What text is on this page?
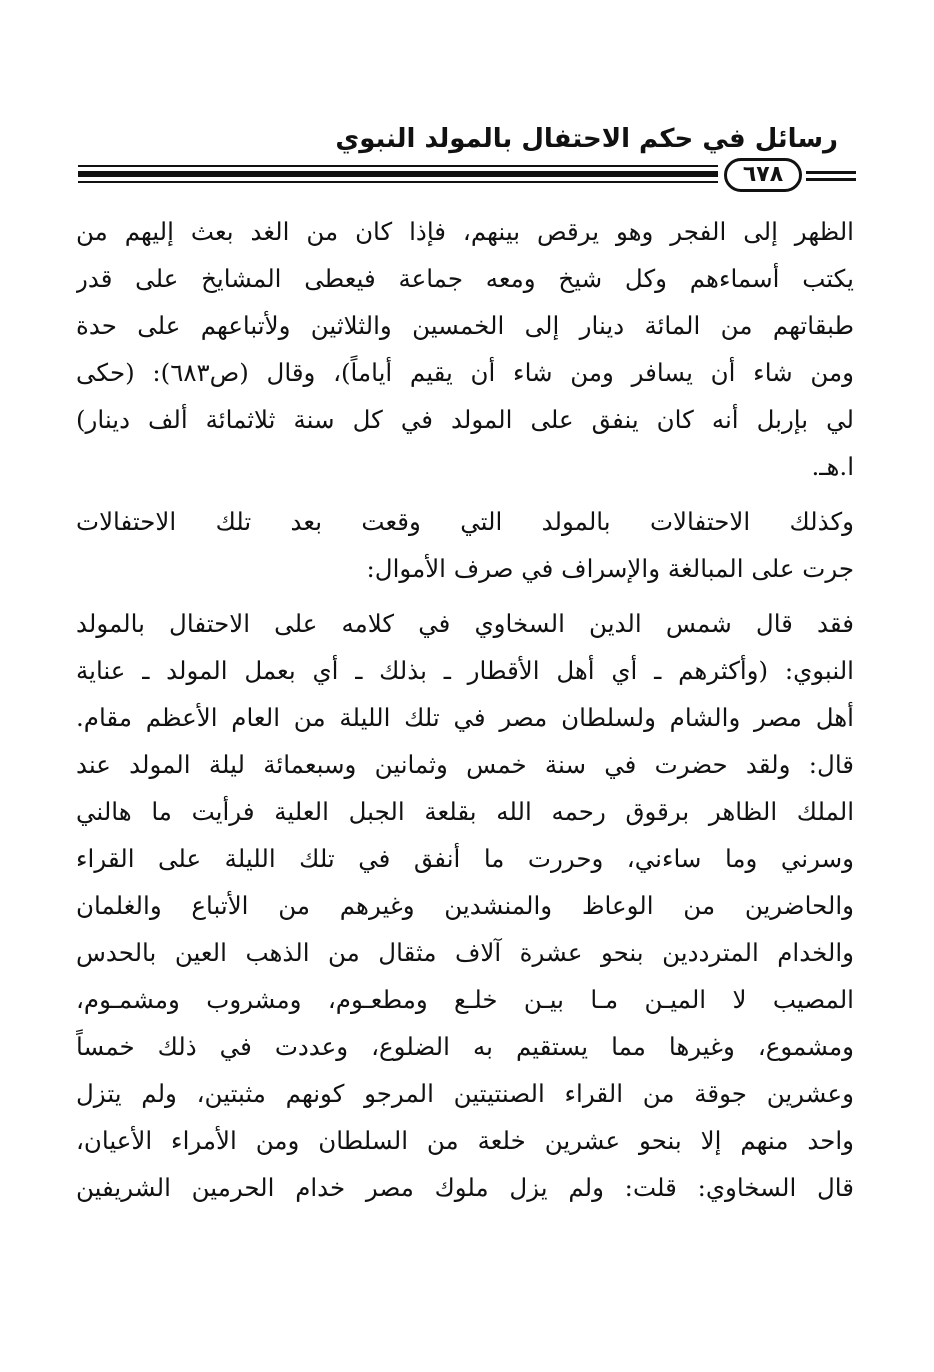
رسائل في حكم الاحتفال بالمولد النبوي
٦٧٨
الظهر إلى الفجر وهو يرقص بينهم، فإذا كان من الغد بعث إليهم من
يكتب أسماءهم وكل شيخ ومعه جماعة فيعطى المشايخ على قدر
طبقاتهم من المائة دينار إلى الخمسين والثلاثين ولأتباعهم على حدة
ومن شاء أن يسافر ومن شاء أن يقيم أياماً)، وقال (ص٦٨٣): (حكى
لي بإربل أنه كان ينفق على المولد في كل سنة ثلاثمائة ألف دينار)
ا.هـ.
وكذلك الاحتفالات بالمولد التي وقعت بعد تلك الاحتفالات
جرت على المبالغة والإسراف في صرف الأموال:
فقد قال شمس الدين السخاوي في كلامه على الاحتفال بالمولد
النبوي: (وأكثرهم ـ أي أهل الأقطار ـ بذلك ـ أي بعمل المولد ـ عناية
أهل مصر والشام ولسلطان مصر في تلك الليلة من العام الأعظم مقام.
قال: ولقد حضرت في سنة خمس وثمانين وسبعمائة ليلة المولد عند
الملك الظاهر برقوق رحمه الله بقلعة الجبل العلية فرأيت ما هالني
وسرني وما ساءني، وحررت ما أنفق في تلك الليلة على القراء
والحاضرين من الوعاظ والمنشدين وغيرهم من الأتباع والغلمان
والخدام المترددين بنحو عشرة آلاف مثقال من الذهب العين بالحدس
المصيب لا الميـن مـا بيـن خلـع ومطعـوم، ومشروب ومشمـوم،
ومشموع، وغيرها مما يستقيم به الضلوع، وعددت في ذلك خمساً
وعشرين جوقة من القراء الصنتيتين المرجو كونهم مثبتين، ولم يتزل
واحد منهم إلا بنحو عشرين خلعة من السلطان ومن الأمراء الأعيان،
قال السخاوي: قلت: ولم يزل ملوك مصر خدام الحرمين الشريفين
